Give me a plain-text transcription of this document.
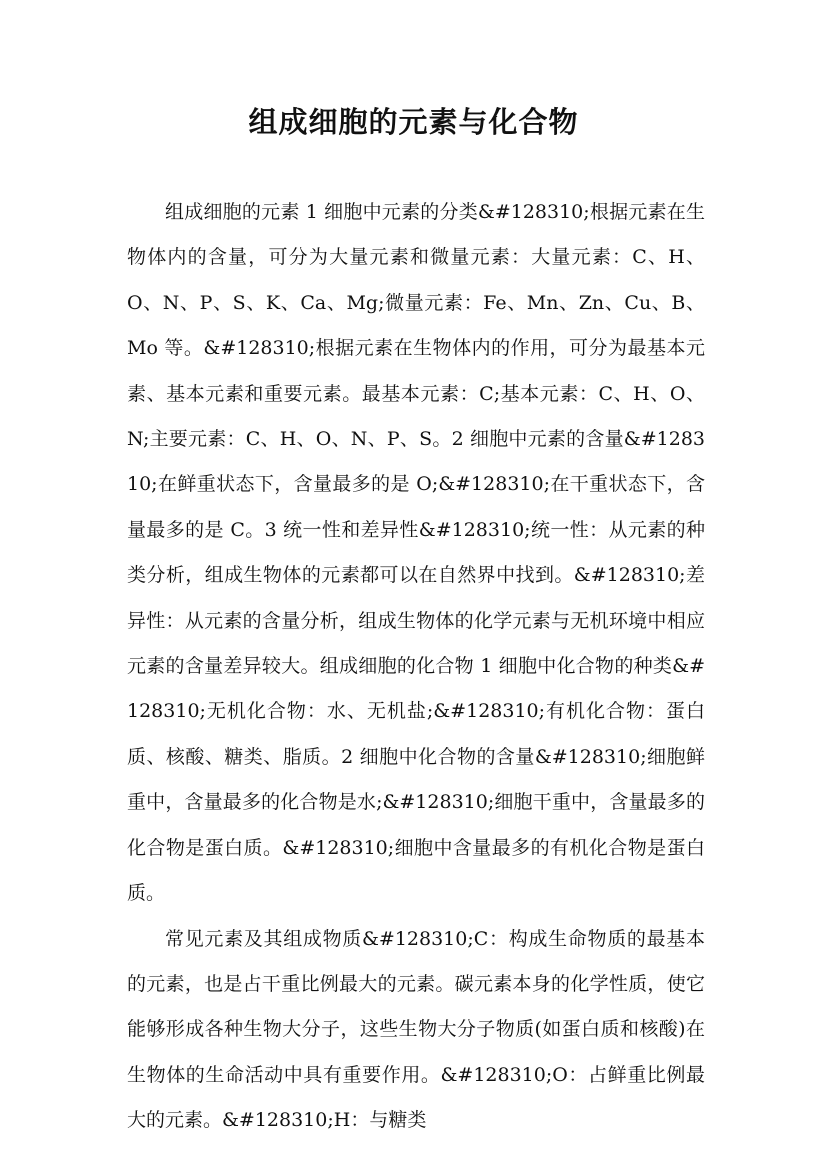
组成细胞的元素与化合物

组成细胞的元素 1 细胞中元素的分类&#128310;根据元素在生物体内的含量，可分为大量元素和微量元素：大量元素：C、H、O、N、P、S、K、Ca、Mg;微量元素：Fe、Mn、Zn、Cu、B、Mo 等。&#128310;根据元素在生物体内的作用，可分为最基本元素、基本元素和重要元素。最基本元素：C;基本元素：C、H、O、N;主要元素：C、H、O、N、P、S。2 细胞中元素的含量&#128310;在鲜重状态下，含量最多的是 O;&#128310;在干重状态下，含量最多的是 C。3 统一性和差异性&#128310;统一性：从元素的种类分析，组成生物体的元素都可以在自然界中找到。&#128310;差异性：从元素的含量分析，组成生物体的化学元素与无机环境中相应元素的含量差异较大。组成细胞的化合物 1 细胞中化合物的种类&#128310;无机化合物：水、无机盐;&#128310;有机化合物：蛋白质、核酸、糖类、脂质。2 细胞中化合物的含量&#128310;细胞鲜重中，含量最多的化合物是水;&#128310;细胞干重中，含量最多的化合物是蛋白质。&#128310;细胞中含量最多的有机化合物是蛋白质。

常见元素及其组成物质&#128310;C：构成生命物质的最基本的元素，也是占干重比例最大的元素。碳元素本身的化学性质，使它能够形成各种生物大分子，这些生物大分子物质(如蛋白质和核酸)在生物体的生命活动中具有重要作用。&#128310;O：占鲜重比例最大的元素。&#128310;H：与糖类
